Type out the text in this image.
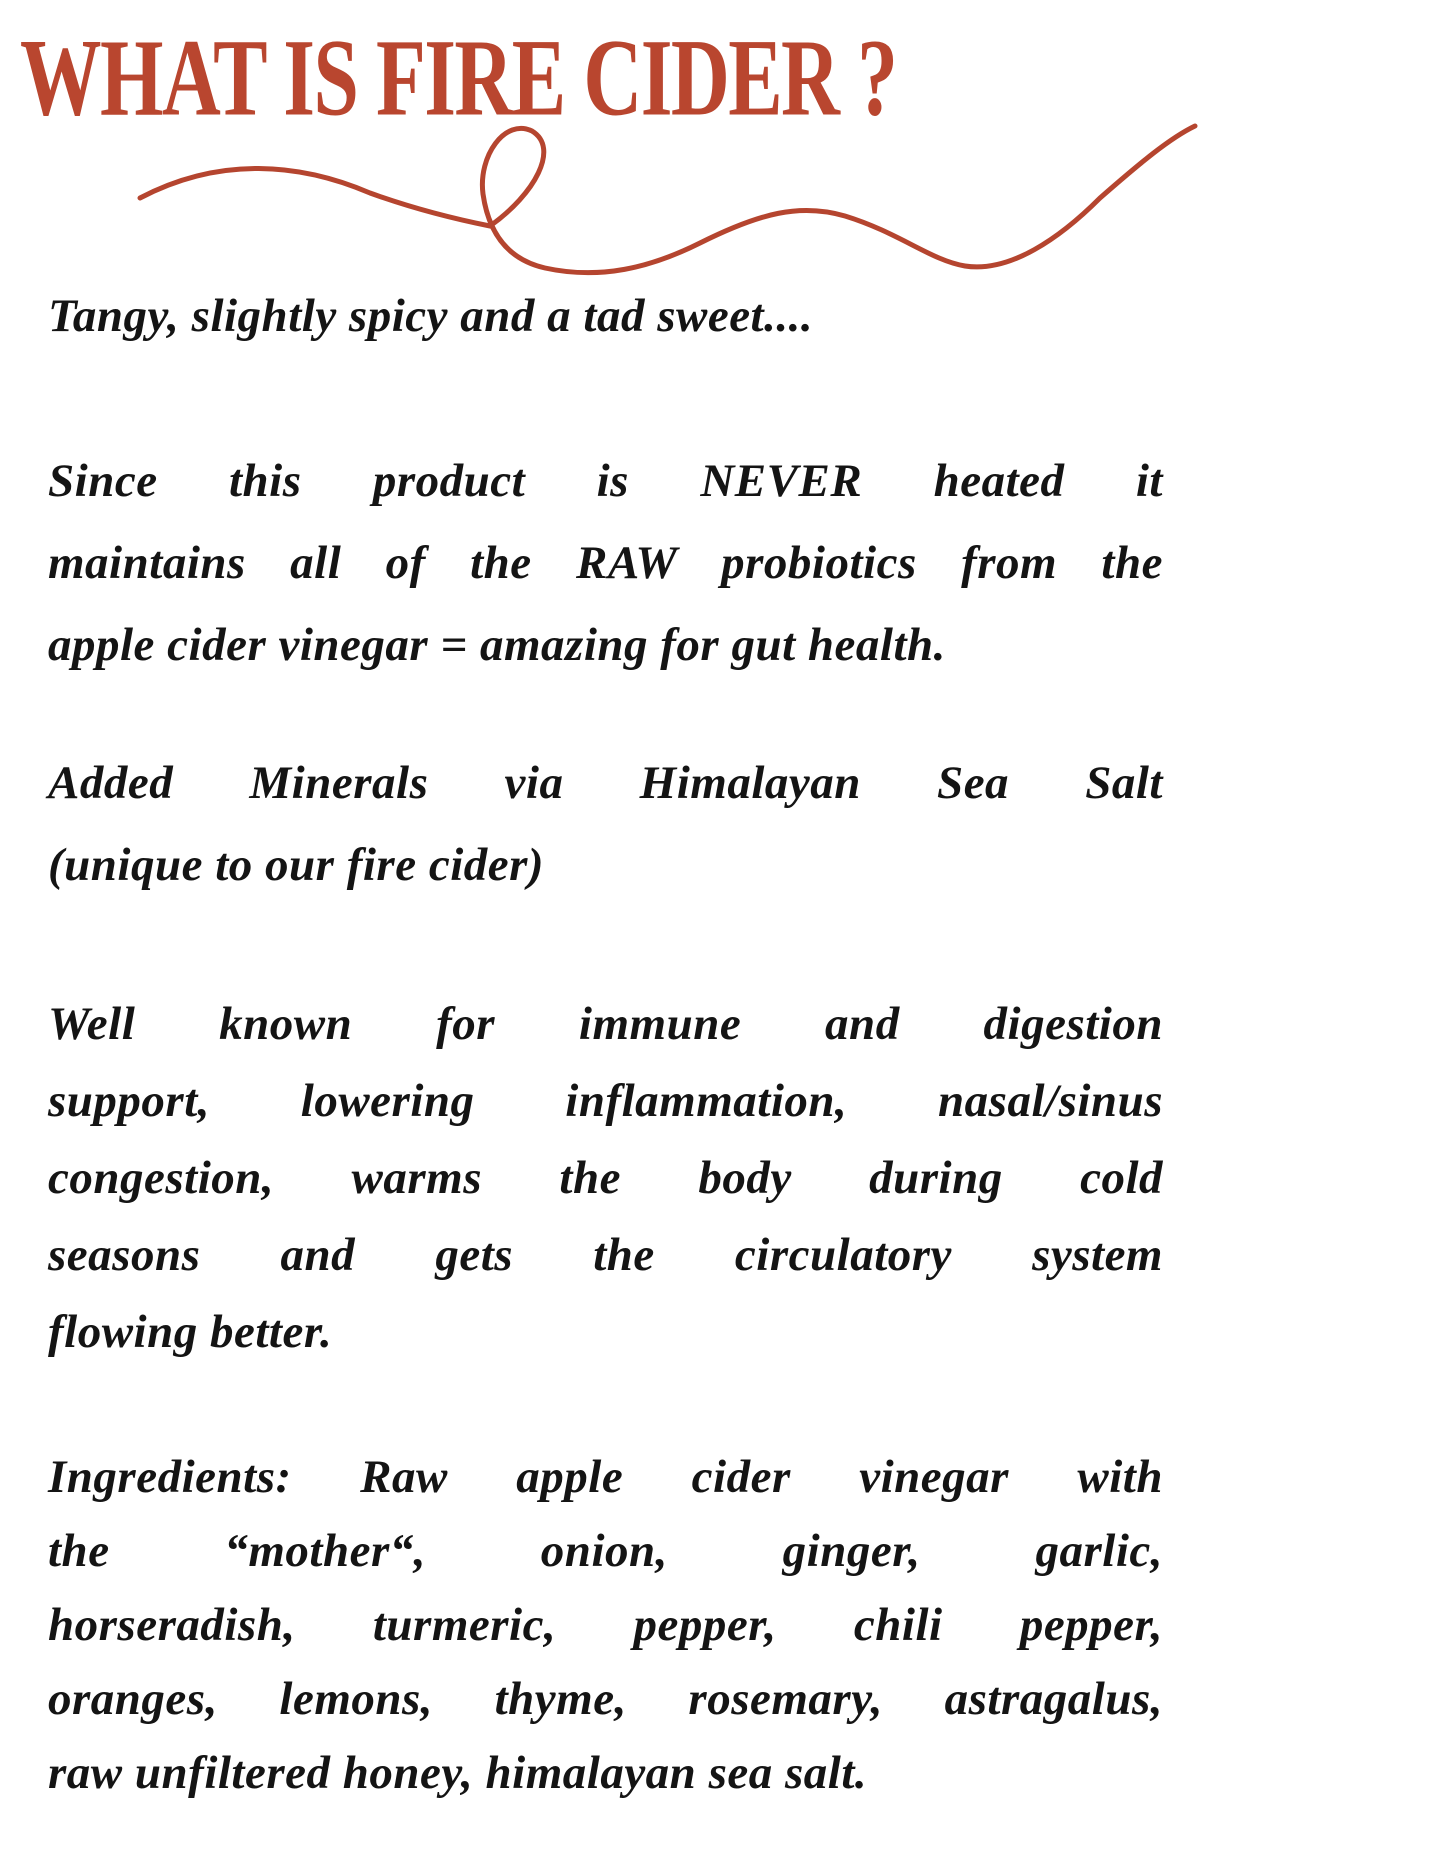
WHAT IS FIRE CIDER ?
Tangy, slightly spicy and a tad sweet....
Since this product is NEVER heated it
maintains all of the RAW probiotics from the
apple cider vinegar = amazing for gut health.
Added Minerals via Himalayan Sea Salt
(unique to our fire cider)
Well known for immune and digestion
support, lowering inflammation, nasal/sinus
congestion, warms the body during cold
seasons and gets the circulatory system
flowing better.
Ingredients: Raw apple cider vinegar with
the “mother“, onion, ginger, garlic,
horseradish, turmeric, pepper, chili pepper,
oranges, lemons, thyme, rosemary, astragalus,
raw unfiltered honey, himalayan sea salt.
